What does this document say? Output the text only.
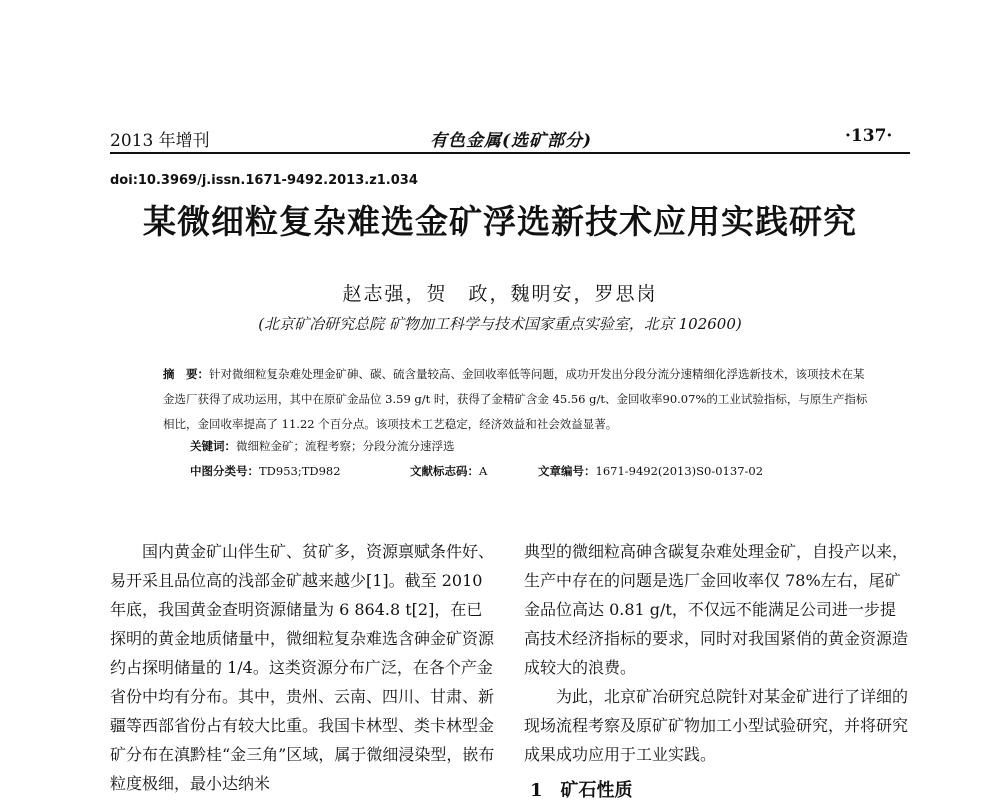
2013 年增刊	有色金属(选矿部分)	·137·
doi:10.3969/j.issn.1671-9492.2013.z1.034
某微细粒复杂难选金矿浮选新技术应用实践研究
赵志强，贺　政，魏明安，罗思岗
(北京矿冶研究总院 矿物加工科学与技术国家重点实验室，北京 102600)
摘　要：针对微细粒复杂难处理金矿砷、碳、硫含量较高、金回收率低等问题，成功开发出分段分流分速精细化浮选新技术，该项技术在某金选厂获得了成功运用，其中在原矿金品位 3.59 g/t 时，获得了金精矿含金 45.56 g/t、金回收率90.07%的工业试验指标，与原生产指标相比，金回收率提高了 11.22 个百分点。该项技术工艺稳定，经济效益和社会效益显著。
关键词：微细粒金矿；流程考察；分段分流分速浮选
中图分类号：TD953;TD982	文献标志码：A	文章编号：1671-9492(2013)S0-0137-02

国内黄金矿山伴生矿、贫矿多，资源禀赋条件好、易开采且品位高的浅部金矿越来越少[1]。截至 2010 年底，我国黄金查明资源储量为 6 864.8 t[2]，在已探明的黄金地质储量中，微细粒复杂难选含砷金矿资源约占探明储量的 1/4。这类资源分布广泛，在各个产金省份中均有分布。其中，贵州、云南、四川、甘肃、新疆等西部省份占有较大比重。我国卡林型、类卡林型金矿分布在滇黔桂“金三角”区域，属于微细浸染型，嵌布粒度极细，最小达纳米

典型的微细粒高砷含碳复杂难处理金矿，自投产以来，生产中存在的问题是选厂金回收率仅 78%左右，尾矿金品位高达 0.81 g/t，不仅远不能满足公司进一步提高技术经济指标的要求，同时对我国紧俏的黄金资源造成较大的浪费。

为此，北京矿冶研究总院针对某金矿进行了详细的现场流程考察及原矿矿物加工小型试验研究，并将研究成果成功应用于工业实践。

1　矿石性质
